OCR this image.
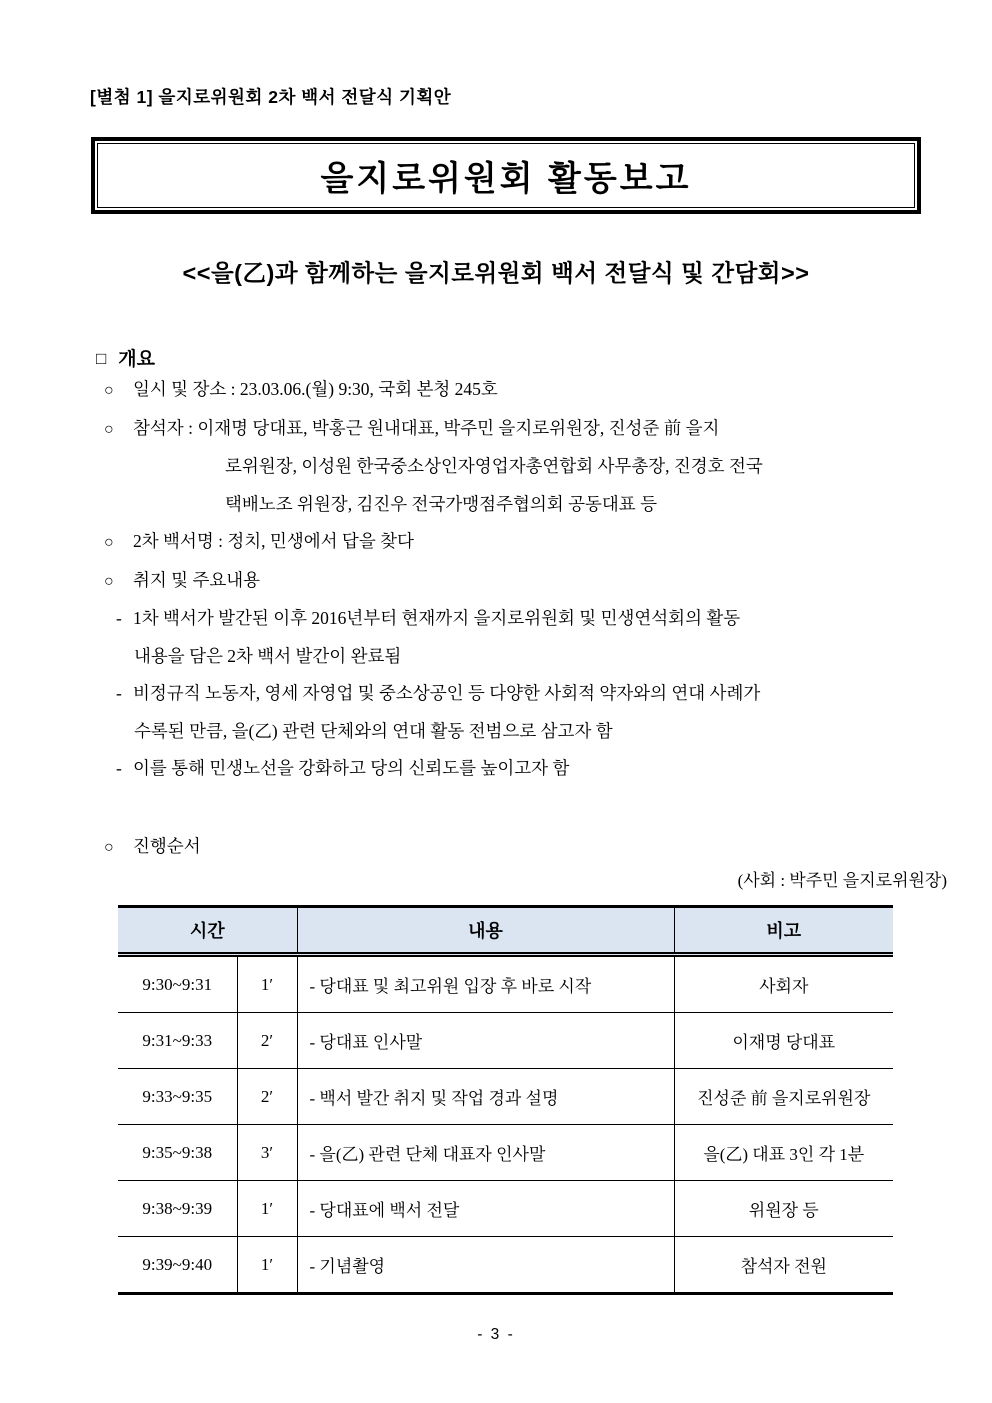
[별첨 1] 을지로위원회 2차 백서 전달식 기획안
을지로위원회 활동보고
<<을(乙)과 함께하는 을지로위원회 백서 전달식 및 간담회>>
□ 개요
○ 일시 및 장소 : 23.03.06.(월) 9:30, 국회 본청 245호
○ 참석자 : 이재명 당대표, 박홍근 원내대표, 박주민 을지로위원장, 진성준 前 을지
로위원장, 이성원 한국중소상인자영업자총연합회 사무총장, 진경호 전국
택배노조 위원장, 김진우 전국가맹점주협의회 공동대표 등
○ 2차 백서명 : 정치, 민생에서 답을 찾다
○ 취지 및 주요내용
- 1차 백서가 발간된 이후 2016년부터 현재까지 을지로위원회 및 민생연석회의 활동
내용을 담은 2차 백서 발간이 완료됨
- 비정규직 노동자, 영세 자영업 및 중소상공인 등 다양한 사회적 약자와의 연대 사례가
수록된 만큼, 을(乙) 관련 단체와의 연대 활동 전범으로 삼고자 함
- 이를 통해 민생노선을 강화하고 당의 신뢰도를 높이고자 함
○ 진행순서
(사회 : 박주민 을지로위원장)
시간		내용	비고
9:30~9:31	1′	- 당대표 및 최고위원 입장 후 바로 시작	사회자
9:31~9:33	2′	- 당대표 인사말	이재명 당대표
9:33~9:35	2′	- 백서 발간 취지 및 작업 경과 설명	진성준 前 을지로위원장
9:35~9:38	3′	- 을(乙) 관련 단체 대표자 인사말	을(乙) 대표 3인 각 1분
9:38~9:39	1′	- 당대표에 백서 전달	위원장 등
9:39~9:40	1′	- 기념촬영	참석자 전원
- 3 -
